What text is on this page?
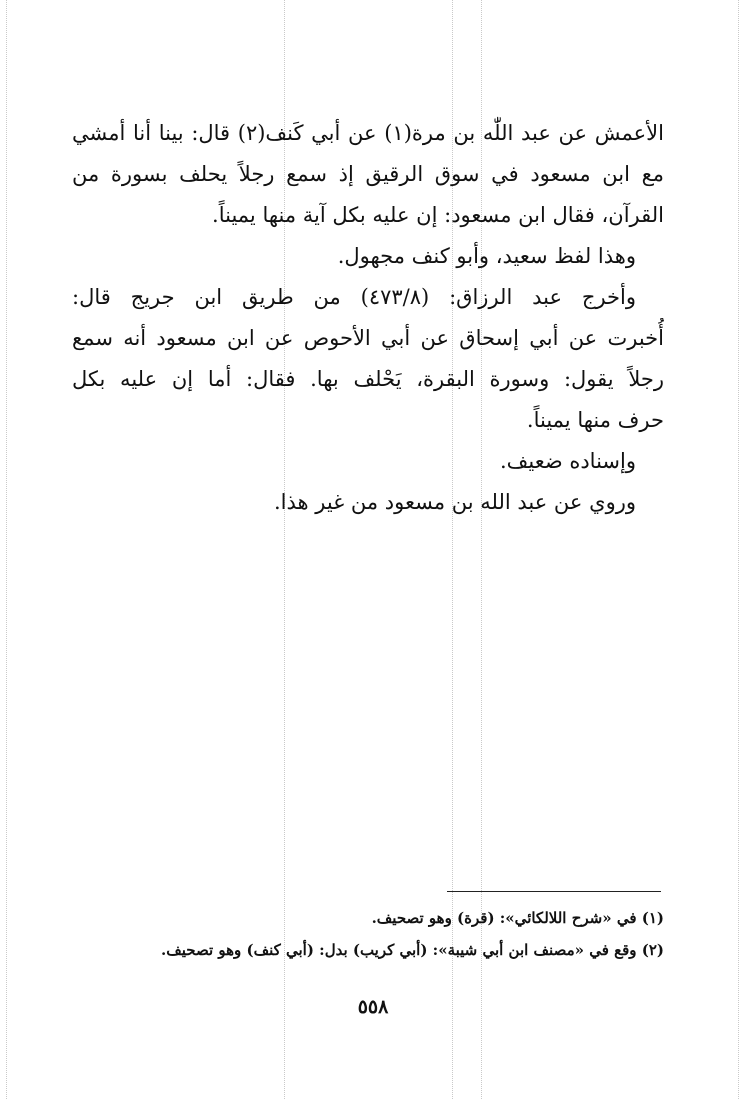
الأعمش عن عبد اللّٰه بن مرة(١) عن أبي كَنف(٢) قال: بينا أنا أمشي
مع ابن مسعود في سوق الرقيق إذ سمع رجلاً يحلف بسورة من
القرآن، فقال ابن مسعود: إن عليه بكل آية منها يميناً.
وهذا لفظ سعيد، وأبو كنف مجهول.
وأخرج عبد الرزاق: (٤٧٣/٨) من طريق ابن جريج قال:
أُخبرت عن أبي إسحاق عن أبي الأحوص عن ابن مسعود أنه سمع
رجلاً يقول: وسورة البقرة، يَحْلف بها. فقال: أما إن عليه بكل
حرف منها يميناً.
وإسناده ضعيف.
وروي عن عبد الله بن مسعود من غير هذا.
(١) في «شرح اللالكائي»: (قرة) وهو تصحيف.
(٢) وقع في «مصنف ابن أبي شيبة»: (أبي كريب) بدل: (أبي كنف) وهو تصحيف.
٥٥٨
